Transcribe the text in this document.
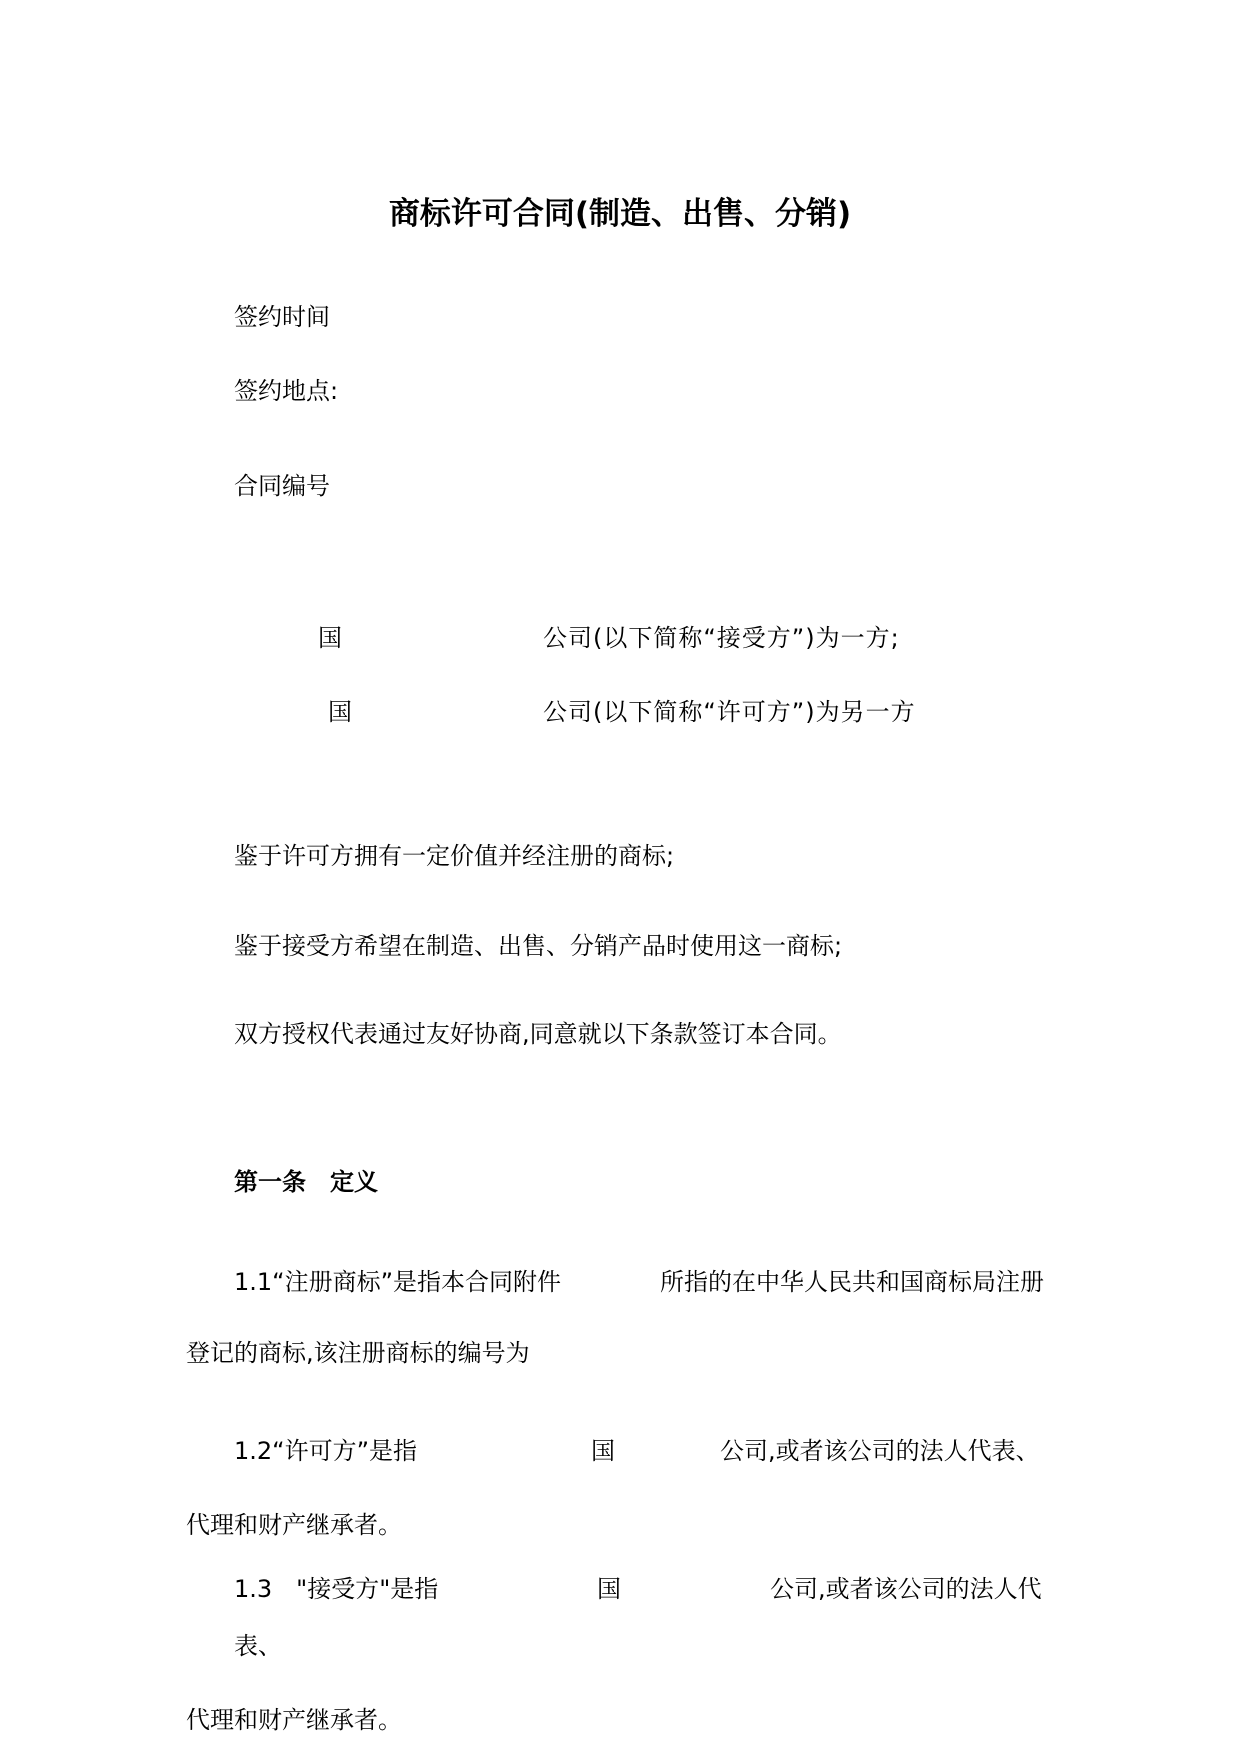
商标许可合同(制造、出售、分销)
签约时间
签约地点:
合同编号
国	公司(以下简称“接受方”)为一方;
国	公司(以下简称“许可方”)为另一方
鉴于许可方拥有一定价值并经注册的商标;
鉴于接受方希望在制造、出售、分销产品时使用这一商标;
双方授权代表通过友好协商,同意就以下条款签订本合同。
第一条　定义
1.1“注册商标”是指本合同附件	所指的在中华人民共和国商标局注册
登记的商标,该注册商标的编号为
1.2“许可方”是指	国	公司,或者该公司的法人代表、
代理和财产继承者。
1.3　"接受方"是指	国	公司,或者该公司的法人代
表、
代理和财产继承者。
